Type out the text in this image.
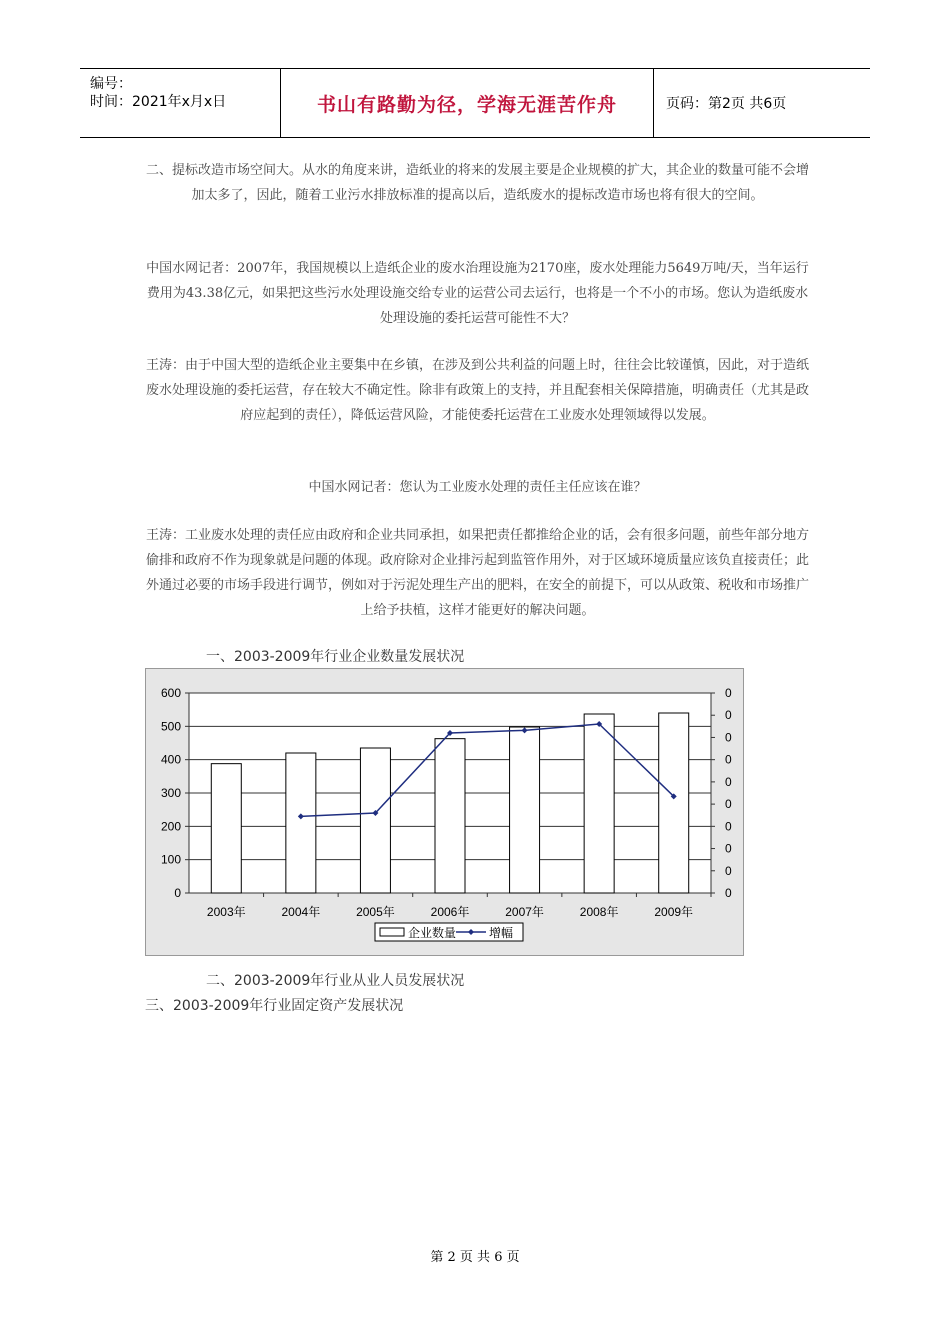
编号：
时间：2021年x月x日	书山有路勤为径，学海无涯苦作舟	页码：第2页 共6页

二、提标改造市场空间大。从水的角度来讲，造纸业的将来的发展主要是企业规模的扩大，其企业的数量可能不会增加太多了，因此，随着工业污水排放标准的提高以后，造纸废水的提标改造市场也将有很大的空间。

中国水网记者：2007年，我国规模以上造纸企业的废水治理设施为2170座，废水处理能力5649万吨/天，当年运行费用为43.38亿元，如果把这些污水处理设施交给专业的运营公司去运行，也将是一个不小的市场。您认为造纸废水处理设施的委托运营可能性不大？

王涛：由于中国大型的造纸企业主要集中在乡镇，在涉及到公共利益的问题上时，往往会比较谨慎，因此，对于造纸废水处理设施的委托运营，存在较大不确定性。除非有政策上的支持，并且配套相关保障措施，明确责任（尤其是政府应起到的责任），降低运营风险，才能使委托运营在工业废水处理领域得以发展。

中国水网记者：您认为工业废水处理的责任主任应该在谁？

王涛：工业废水处理的责任应由政府和企业共同承担，如果把责任都推给企业的话，会有很多问题，前些年部分地方偷排和政府不作为现象就是问题的体现。政府除对企业排污起到监管作用外，对于区域环境质量应该负直接责任；此外通过必要的市场手段进行调节，例如对于污泥处理生产出的肥料，在安全的前提下，可以从政策、税收和市场推广上给予扶植，这样才能更好的解决问题。

一、2003-2009年行业企业数量发展状况
0
100
200
300
400
500
600
0
0
0
0
0
0
0
0
0
0
2003年	2004年	2005年	2006年	2007年	2008年	2009年
企业数量	增幅
二、2003-2009年行业从业人员发展状况
三、2003-2009年行业固定资产发展状况
第 2 页 共 6 页
